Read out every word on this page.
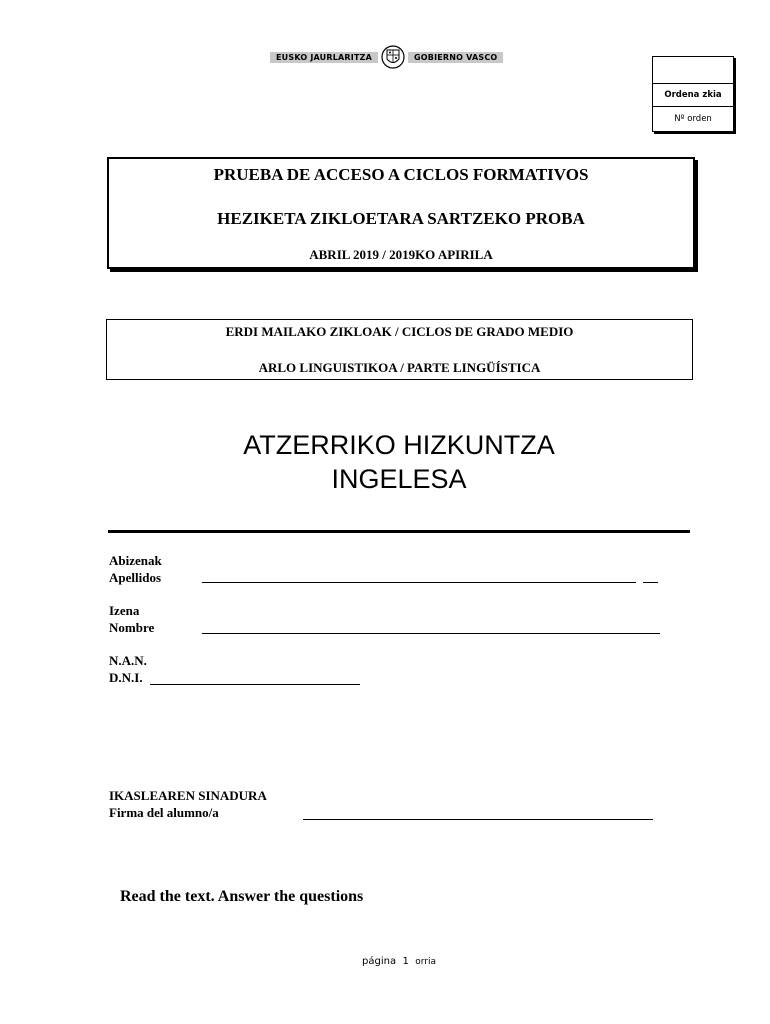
EUSKO JAURLARITZA	GOBIERNO VASCO
Ordena zkia
Nº orden
PRUEBA DE ACCESO A CICLOS FORMATIVOS
HEZIKETA ZIKLOETARA SARTZEKO PROBA
ABRIL 2019 / 2019KO APIRILA
ERDI MAILAKO ZIKLOAK / CICLOS DE GRADO MEDIO
ARLO LINGUISTIKOA / PARTE LINGÜÍSTICA
ATZERRIKO HIZKUNTZA
INGELESA
Abizenak
Apellidos
Izena
Nombre
N.A.N.
D.N.I.
IKASLEAREN SINADURA
Firma del alumno/a
Read the text. Answer the questions
página 1 orria
